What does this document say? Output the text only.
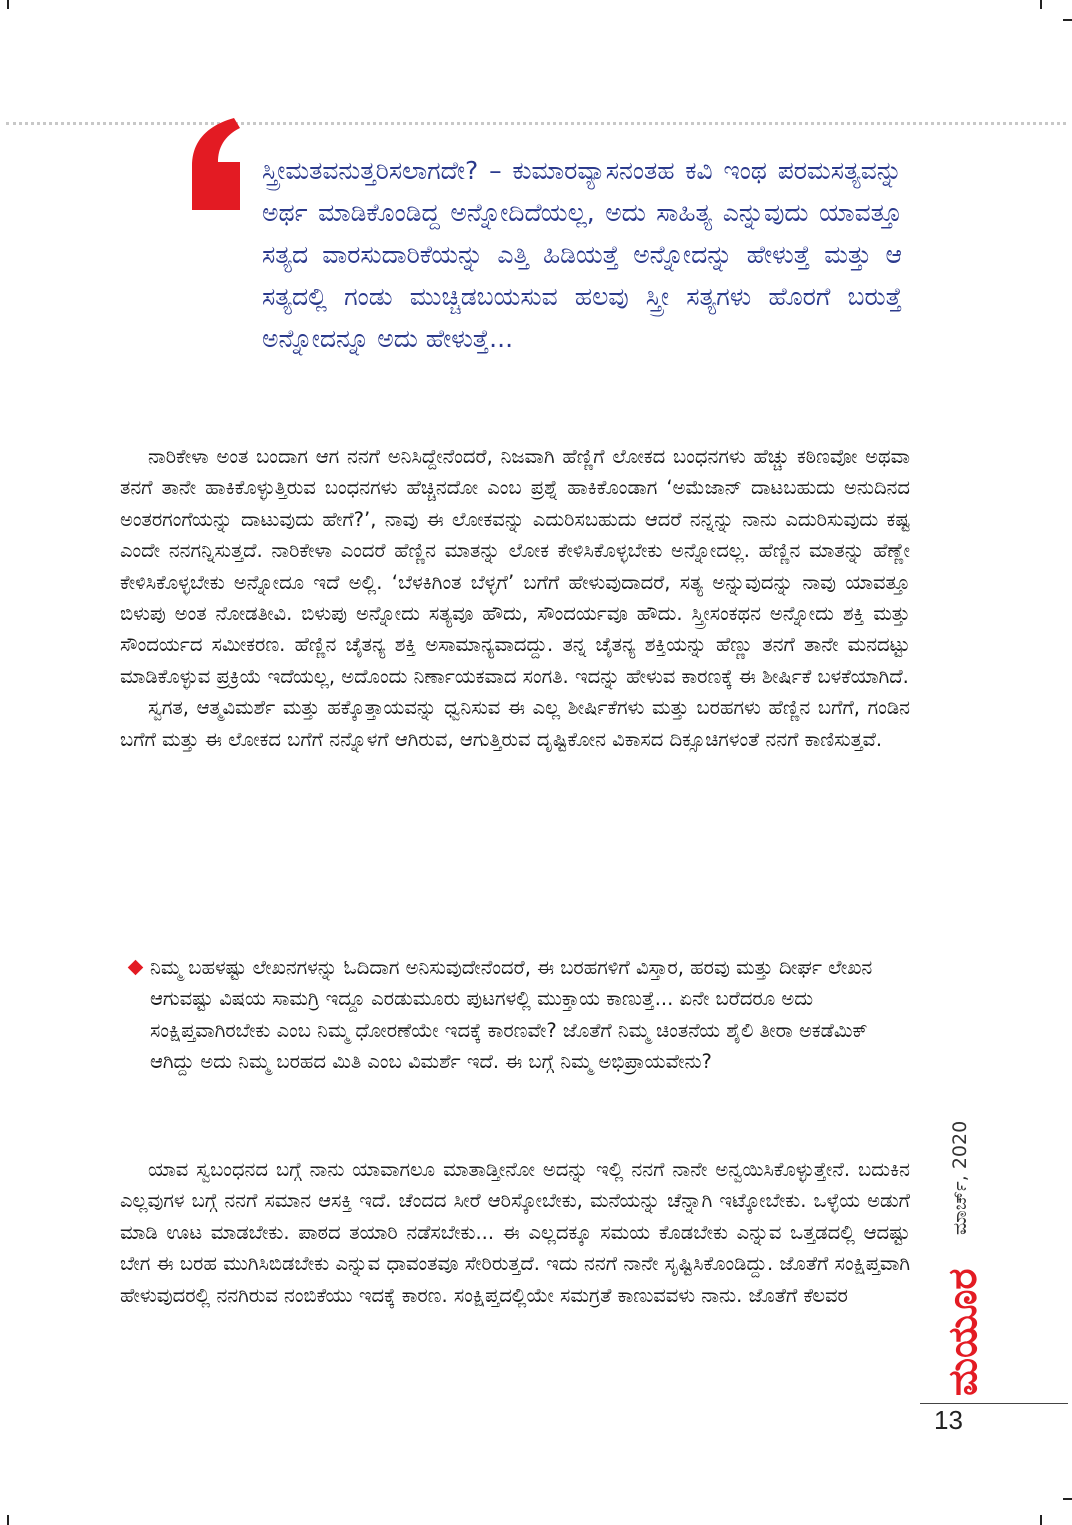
ಸ್ತ್ರೀಮತವನುತ್ತರಿಸಲಾಗದೇ? – ಕುಮಾರವ್ಯಾಸನಂತಹ ಕವಿ ಇಂಥ ಪರಮಸತ್ಯವನ್ನು ಅರ್ಥ ಮಾಡಿಕೊಂಡಿದ್ದ ಅನ್ನೋದಿದೆಯಲ್ಲ, ಅದು ಸಾಹಿತ್ಯ ಎನ್ನುವುದು ಯಾವತ್ತೂ ಸತ್ಯದ ವಾರಸುದಾರಿಕೆಯನ್ನು ಎತ್ತಿ ಹಿಡಿಯತ್ತೆ ಅನ್ನೋದನ್ನು ಹೇಳುತ್ತೆ ಮತ್ತು ಆ ಸತ್ಯದಲ್ಲಿ ಗಂಡು ಮುಚ್ಚಿಡಬಯಸುವ ಹಲವು ಸ್ತ್ರೀ ಸತ್ಯಗಳು ಹೊರಗೆ ಬರುತ್ತೆ ಅನ್ನೋದನ್ನೂ ಅದು ಹೇಳುತ್ತೆ...

ನಾರಿಕೇಳಾ ಅಂತ ಬಂದಾಗ ಆಗ ನನಗೆ ಅನಿಸಿದ್ದೇನೆಂದರೆ, ನಿಜವಾಗಿ ಹೆಣ್ಣಿಗೆ ಲೋಕದ ಬಂಧನಗಳು ಹೆಚ್ಚು ಕಠಿಣವೋ ಅಥವಾ ತನಗೆ ತಾನೇ ಹಾಕಿಕೊಳ್ಳುತ್ತಿರುವ ಬಂಧನಗಳು ಹೆಚ್ಚಿನದೋ ಎಂಬ ಪ್ರಶ್ನೆ ಹಾಕಿಕೊಂಡಾಗ ‘ಅಮೆಜಾನ್ ದಾಟಬಹುದು ಅನುದಿನದ ಅಂತರಗಂಗೆಯನ್ನು ದಾಟುವುದು ಹೇಗೆ?’, ನಾವು ಈ ಲೋಕವನ್ನು ಎದುರಿಸಬಹುದು ಆದರೆ ನನ್ನನ್ನು ನಾನು ಎದುರಿಸುವುದು ಕಷ್ಟ ಎಂದೇ ನನಗನ್ನಿಸುತ್ತದೆ. ನಾರಿಕೇಳಾ ಎಂದರೆ ಹೆಣ್ಣಿನ ಮಾತನ್ನು ಲೋಕ ಕೇಳಿಸಿಕೊಳ್ಳಬೇಕು ಅನ್ನೋದಲ್ಲ. ಹೆಣ್ಣಿನ ಮಾತನ್ನು ಹೆಣ್ಣೇ ಕೇಳಿಸಿಕೊಳ್ಳಬೇಕು ಅನ್ನೋದೂ ಇದೆ ಅಲ್ಲಿ. ‘ಬೆಳಕಿಗಿಂತ ಬೆಳ್ಳಗೆ’ ಬಗೆಗೆ ಹೇಳುವುದಾದರೆ, ಸತ್ಯ ಅನ್ನುವುದನ್ನು ನಾವು ಯಾವತ್ತೂ ಬಿಳುಪು ಅಂತ ನೋಡತೀವಿ. ಬಿಳುಪು ಅನ್ನೋದು ಸತ್ಯವೂ ಹೌದು, ಸೌಂದರ್ಯವೂ ಹೌದು. ಸ್ತ್ರೀಸಂಕಥನ ಅನ್ನೋದು ಶಕ್ತಿ ಮತ್ತು ಸೌಂದರ್ಯದ ಸಮೀಕರಣ. ಹೆಣ್ಣಿನ ಚೈತನ್ಯ ಶಕ್ತಿ ಅಸಾಮಾನ್ಯವಾದದ್ದು. ತನ್ನ ಚೈತನ್ಯ ಶಕ್ತಿಯನ್ನು ಹೆಣ್ಣು ತನಗೆ ತಾನೇ ಮನದಟ್ಟು ಮಾಡಿಕೊಳ್ಳುವ ಪ್ರಕ್ರಿಯೆ ಇದೆಯಲ್ಲ, ಅದೊಂದು ನಿರ್ಣಾಯಕವಾದ ಸಂಗತಿ. ಇದನ್ನು ಹೇಳುವ ಕಾರಣಕ್ಕೆ ಈ ಶೀರ್ಷಿಕೆ ಬಳಕೆಯಾಗಿದೆ.

ಸ್ವಗತ, ಆತ್ಮವಿಮರ್ಶೆ ಮತ್ತು ಹಕ್ಕೊತ್ತಾಯವನ್ನು ಧ್ವನಿಸುವ ಈ ಎಲ್ಲ ಶೀರ್ಷಿಕೆಗಳು ಮತ್ತು ಬರಹಗಳು ಹೆಣ್ಣಿನ ಬಗೆಗೆ, ಗಂಡಿನ ಬಗೆಗೆ ಮತ್ತು ಈ ಲೋಕದ ಬಗೆಗೆ ನನ್ನೊಳಗೆ ಆಗಿರುವ, ಆಗುತ್ತಿರುವ ದೃಷ್ಟಿಕೋನ ವಿಕಾಸದ ದಿಕ್ಸೂಚಿಗಳಂತೆ ನನಗೆ ಕಾಣಿಸುತ್ತವೆ.

ನಿಮ್ಮ ಬಹಳಷ್ಟು ಲೇಖನಗಳನ್ನು ಓದಿದಾಗ ಅನಿಸುವುದೇನೆಂದರೆ, ಈ ಬರಹಗಳಿಗೆ ವಿಸ್ತಾರ, ಹರವು ಮತ್ತು ದೀರ್ಘ ಲೇಖನ ಆಗುವಷ್ಟು ವಿಷಯ ಸಾಮಗ್ರಿ ಇದ್ದೂ ಎರಡುಮೂರು ಪುಟಗಳಲ್ಲಿ ಮುಕ್ತಾಯ ಕಾಣುತ್ತೆ... ಏನೇ ಬರೆದರೂ ಅದು ಸಂಕ್ಷಿಪ್ತವಾಗಿರಬೇಕು ಎಂಬ ನಿಮ್ಮ ಧೋರಣೆಯೇ ಇದಕ್ಕೆ ಕಾರಣವೇ? ಜೊತೆಗೆ ನಿಮ್ಮ ಚಿಂತನೆಯ ಶೈಲಿ ತೀರಾ ಅಕಡೆಮಿಕ್ ಆಗಿದ್ದು ಅದು ನಿಮ್ಮ ಬರಹದ ಮಿತಿ ಎಂಬ ವಿಮರ್ಶೆ ಇದೆ. ಈ ಬಗ್ಗೆ ನಿಮ್ಮ ಅಭಿಪ್ರಾಯವೇನು?

ಯಾವ ಸ್ವಬಂಧನದ ಬಗ್ಗೆ ನಾನು ಯಾವಾಗಲೂ ಮಾತಾಡ್ತೀನೋ ಅದನ್ನು ಇಲ್ಲಿ ನನಗೆ ನಾನೇ ಅನ್ವಯಿಸಿಕೊಳ್ಳುತ್ತೇನೆ. ಬದುಕಿನ ಎಲ್ಲವುಗಳ ಬಗ್ಗೆ ನನಗೆ ಸಮಾನ ಆಸಕ್ತಿ ಇದೆ. ಚೆಂದದ ಸೀರೆ ಆರಿಸ್ಕೋಬೇಕು, ಮನೆಯನ್ನು ಚೆನ್ನಾಗಿ ಇಟ್ಕೋಬೇಕು. ಒಳ್ಳೆಯ ಅಡುಗೆ ಮಾಡಿ ಊಟ ಮಾಡಬೇಕು. ಪಾಠದ ತಯಾರಿ ನಡೆಸಬೇಕು... ಈ ಎಲ್ಲದಕ್ಕೂ ಸಮಯ ಕೊಡಬೇಕು ಎನ್ನುವ ಒತ್ತಡದಲ್ಲಿ ಆದಷ್ಟು ಬೇಗ ಈ ಬರಹ ಮುಗಿಸಿಬಿಡಬೇಕು ಎನ್ನುವ ಧಾವಂತವೂ ಸೇರಿರುತ್ತದೆ. ಇದು ನನಗೆ ನಾನೇ ಸೃಷ್ಟಿಸಿಕೊಂಡಿದ್ದು. ಜೊತೆಗೆ ಸಂಕ್ಷಿಪ್ತವಾಗಿ ಹೇಳುವುದರಲ್ಲಿ ನನಗಿರುವ ನಂಬಿಕೆಯು ಇದಕ್ಕೆ ಕಾರಣ. ಸಂಕ್ಷಿಪ್ತದಲ್ಲಿಯೇ ಸಮಗ್ರತೆ ಕಾಣುವವಳು ನಾನು. ಜೊತೆಗೆ ಕೆಲವರ

ಮಾರ್ಚ್, 2020
ಮಯೂರ
13
